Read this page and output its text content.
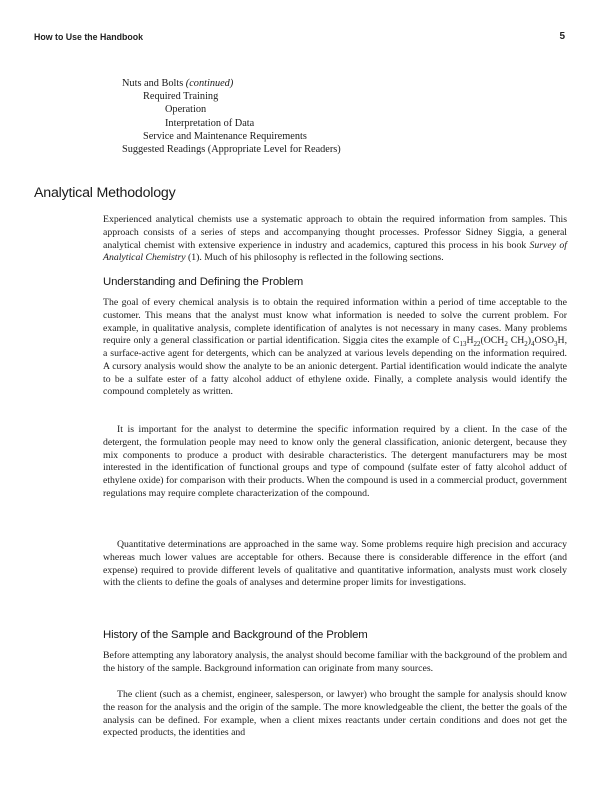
How to Use the Handbook	5
Nuts and Bolts (continued)
Required Training
Operation
Interpretation of Data
Service and Maintenance Requirements
Suggested Readings (Appropriate Level for Readers)
Analytical Methodology
Experienced analytical chemists use a systematic approach to obtain the required information from samples. This approach consists of a series of steps and accompanying thought processes. Professor Sidney Siggia, a general analytical chemist with extensive experience in industry and academics, captured this process in his book Survey of Analytical Chemistry (1). Much of his philosophy is reflected in the following sections.
Understanding and Defining the Problem
The goal of every chemical analysis is to obtain the required information within a period of time acceptable to the customer. This means that the analyst must know what information is needed to solve the current problem. For example, in qualitative analysis, complete identification of analytes is not necessary in many cases. Many problems require only a general classification or partial identification. Siggia cites the example of $C_{13}H_{22}(OCH_2$ $CH_2)_4OSO_3H$, a surface-active agent for detergents, which can be analyzed at various levels depending on the information required. A cursory analysis would show the analyte to be an anionic detergent. Partial identification would indicate the analyte to be a sulfate ester of a fatty alcohol adduct of ethylene oxide. Finally, a complete analysis would identify the compound completely as written.
It is important for the analyst to determine the specific information required by a client. In the case of the detergent, the formulation people may need to know only the general classification, anionic detergent, because they mix components to produce a product with desirable characteristics. The detergent manufacturers may be most interested in the identification of functional groups and type of compound (sulfate ester of fatty alcohol adduct of ethylene oxide) for comparison with their products. When the compound is used in a commercial product, government regulations may require complete characterization of the compound.
Quantitative determinations are approached in the same way. Some problems require high precision and accuracy whereas much lower values are acceptable for others. Because there is considerable difference in the effort (and expense) required to provide different levels of qualitative and quantitative information, analysts must work closely with the clients to define the goals of analyses and determine proper limits for investigations.
History of the Sample and Background of the Problem
Before attempting any laboratory analysis, the analyst should become familiar with the background of the problem and the history of the sample. Background information can originate from many sources.
The client (such as a chemist, engineer, salesperson, or lawyer) who brought the sample for analysis should know the reason for the analysis and the origin of the sample. The more knowledgeable the client, the better the goals of the analysis can be defined. For example, when a client mixes reactants under certain conditions and does not get the expected products, the identities and
